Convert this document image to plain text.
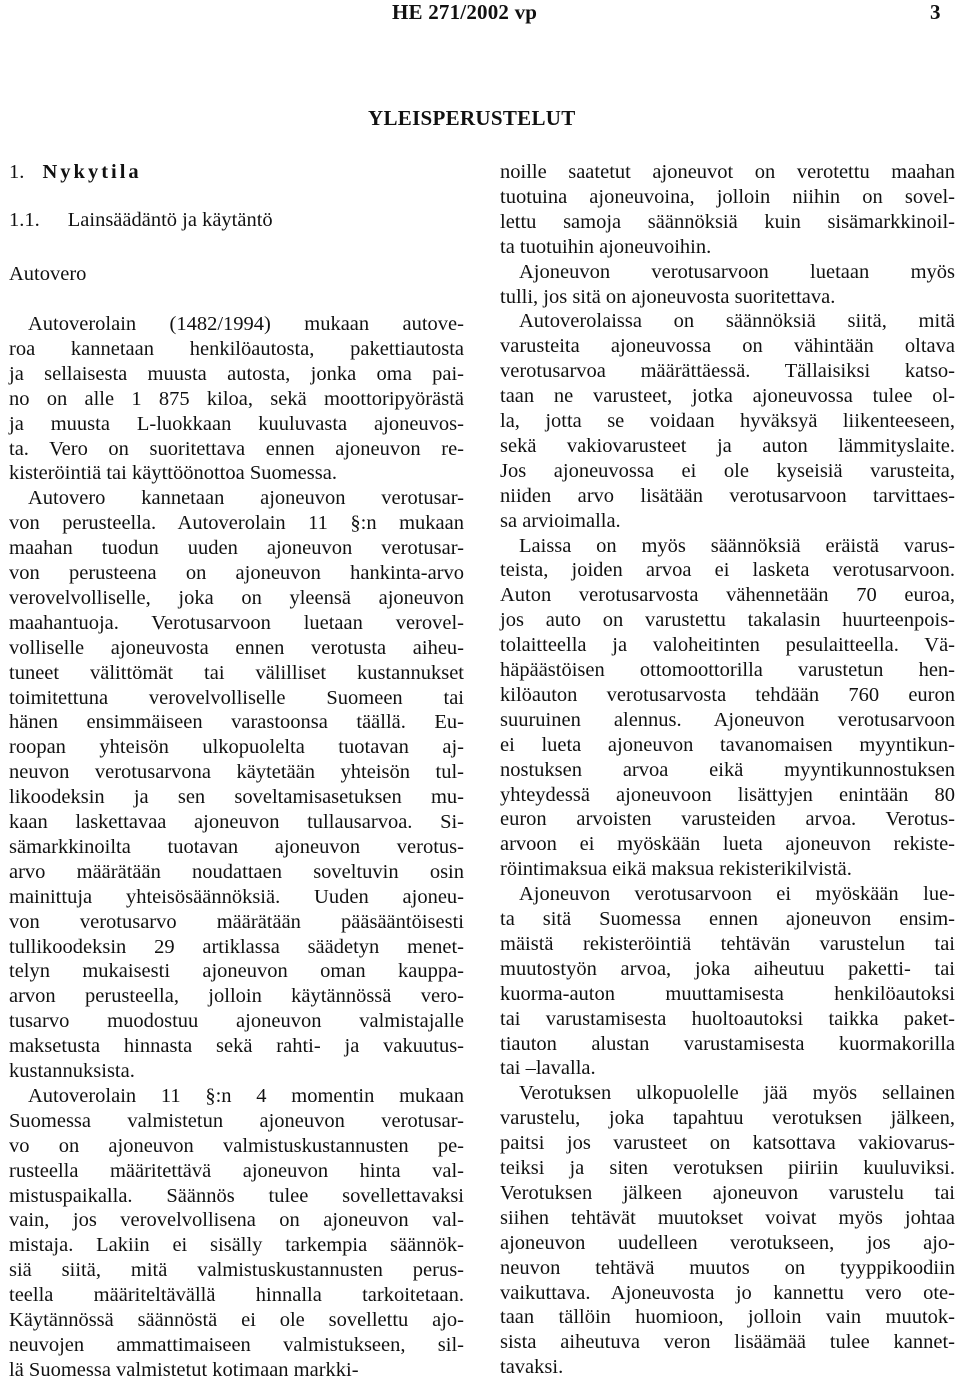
HE 271/2002 vp	3
YLEISPERUSTELUT
1. Nykytila
1.1. Lainsäädäntö ja käytäntö
Autovero
Autoverolain (1482/1994) mukaan autove-
roa kannetaan henkilöautosta, pakettiautosta
ja sellaisesta muusta autosta, jonka oma pai-
no on alle 1 875 kiloa, sekä moottoripyörästä
ja muusta L-luokkaan kuuluvasta ajoneuvos-
ta. Vero on suoritettava ennen ajoneuvon re-
kisteröintiä tai käyttöönottoa Suomessa.
Autovero kannetaan ajoneuvon verotusar-
von perusteella. Autoverolain 11 §:n mukaan
maahan tuodun uuden ajoneuvon verotusar-
von perusteena on ajoneuvon hankinta-arvo
verovelvolliselle, joka on yleensä ajoneuvon
maahantuoja. Verotusarvoon luetaan verovel-
volliselle ajoneuvosta ennen verotusta aiheu-
tuneet välittömät tai välilliset kustannukset
toimitettuna verovelvolliselle Suomeen tai
hänen ensimmäiseen varastoonsa täällä. Eu-
roopan yhteisön ulkopuolelta tuotavan aj-
neuvon verotusarvona käytetään yhteisön tul-
likoodeksin ja sen soveltamisasetuksen mu-
kaan laskettavaa ajoneuvon tullausarvoa. Si-
sämarkkinoilta tuotavan ajoneuvon verotus-
arvo määrätään noudattaen soveltuvin osin
mainittuja yhteisösäännöksiä. Uuden ajoneu-
von verotusarvo määrätään pääsääntöisesti
tullikoodeksin 29 artiklassa säädetyn menet-
telyn mukaisesti ajoneuvon oman kauppa-
arvon perusteella, jolloin käytännössä vero-
tusarvo muodostuu ajoneuvon valmistajalle
maksetusta hinnasta sekä rahti- ja vakuutus-
kustannuksista.
Autoverolain 11 §:n 4 momentin mukaan
Suomessa valmistetun ajoneuvon verotusar-
vo on ajoneuvon valmistuskustannusten pe-
rusteella määritettävä ajoneuvon hinta val-
mistuspaikalla. Säännös tulee sovellettavaksi
vain, jos verovelvollisena on ajoneuvon val-
mistaja. Lakiin ei sisälly tarkempia säännök-
siä siitä, mitä valmistuskustannusten perus-
teella määriteltävällä hinnalla tarkoitetaan.
Käytännössä säännöstä ei ole sovellettu ajo-
neuvojen ammattimaiseen valmistukseen, sil-
lä Suomessa valmistetut kotimaan markki-
noille saatetut ajoneuvot on verotettu maahan
tuotuina ajoneuvoina, jolloin niihin on sovel-
lettu samoja säännöksiä kuin sisämarkkinoil-
ta tuotuihin ajoneuvoihin.
Ajoneuvon verotusarvoon luetaan myös
tulli, jos sitä on ajoneuvosta suoritettava.
Autoverolaissa on säännöksiä siitä, mitä
varusteita ajoneuvossa on vähintään oltava
verotusarvoa määrättäessä. Tällaisiksi katso-
taan ne varusteet, jotka ajoneuvossa tulee ol-
la, jotta se voidaan hyväksyä liikenteeseen,
sekä vakiovarusteet ja auton lämmityslaite.
Jos ajoneuvossa ei ole kyseisiä varusteita,
niiden arvo lisätään verotusarvoon tarvittaes-
sa arvioimalla.
Laissa on myös säännöksiä eräistä varus-
teista, joiden arvoa ei lasketa verotusarvoon.
Auton verotusarvosta vähennetään 70 euroa,
jos auto on varustettu takalasin huurteenpois-
tolaitteella ja valoheitinten pesulaitteella. Vä-
häpäästöisen ottomoottorilla varustetun hen-
kilöauton verotusarvosta tehdään 760 euron
suuruinen alennus. Ajoneuvon verotusarvoon
ei lueta ajoneuvon tavanomaisen myyntikun-
nostuksen arvoa eikä myyntikunnostuksen
yhteydessä ajoneuvoon lisättyjen enintään 80
euron arvoisten varusteiden arvoa. Verotus-
arvoon ei myöskään lueta ajoneuvon rekiste-
röintimaksua eikä maksua rekisterikilvistä.
Ajoneuvon verotusarvoon ei myöskään lue-
ta sitä Suomessa ennen ajoneuvon ensim-
mäistä rekisteröintiä tehtävän varustelun tai
muutostyön arvoa, joka aiheutuu paketti- tai
kuorma-auton muuttamisesta henkilöautoksi
tai varustamisesta huoltoautoksi taikka paket-
tiauton alustan varustamisesta kuormakorilla
tai –lavalla.
Verotuksen ulkopuolelle jää myös sellainen
varustelu, joka tapahtuu verotuksen jälkeen,
paitsi jos varusteet on katsottava vakiovarus-
teiksi ja siten verotuksen piiriin kuuluviksi.
Verotuksen jälkeen ajoneuvon varustelu tai
siihen tehtävät muutokset voivat myös johtaa
ajoneuvon uudelleen verotukseen, jos ajo-
neuvon tehtävä muutos on tyyppikoodiin
vaikuttava. Ajoneuvosta jo kannettu vero ote-
taan tällöin huomioon, jolloin vain muutok-
sista aiheutuva veron lisäämää tulee kannet-
tavaksi.
